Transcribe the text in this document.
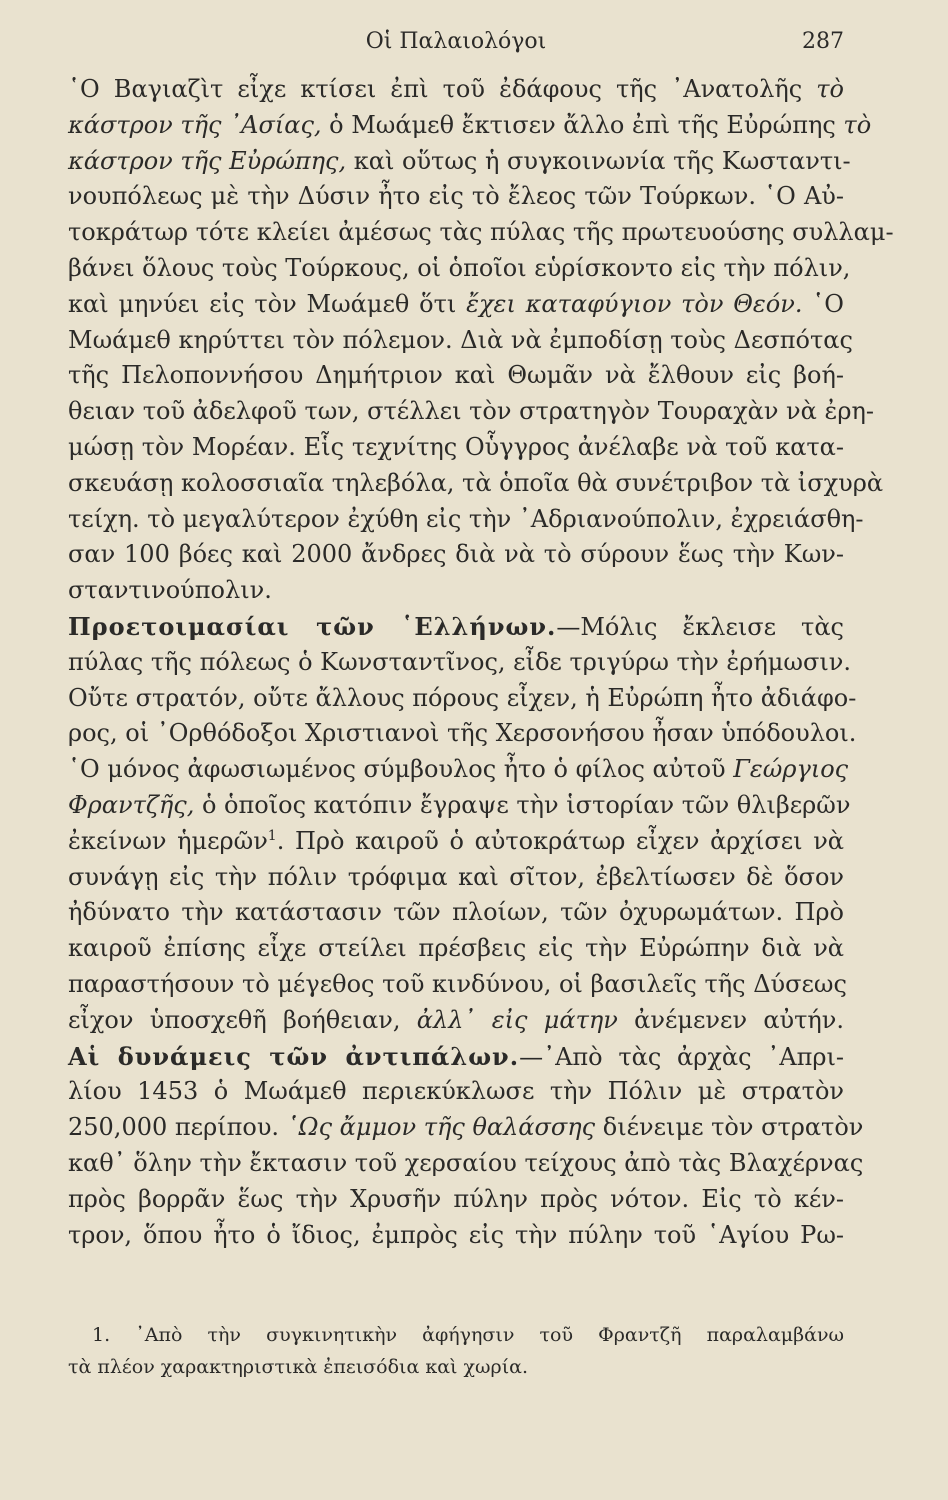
Οἱ Παλαιολόγοι	287
῾Ο Βαγιαζὶτ εἶχε κτίσει ἐπὶ τοῦ ἐδάφους τῆς ᾿Ανατολῆς τὸ
κάστρον τῆς ᾿Ασίας, ὁ Μωάμεθ ἔκτισεν ἄλλο ἐπὶ τῆς Εὐρώπης τὸ
κάστρον τῆς Εὐρώπης, καὶ οὕτως ἡ συγκοινωνία τῆς Κωσταντι-
νουπόλεως μὲ τὴν Δύσιν ἦτο εἰς τὸ ἔλεος τῶν Τούρκων. ῾Ο Αὐ-
τοκράτωρ τότε κλείει ἀμέσως τὰς πύλας τῆς πρωτευούσης συλλαμ-
βάνει ὅλους τοὺς Τούρκους, οἱ ὁποῖοι εὑρίσκοντο εἰς τὴν πόλιν,
καὶ μηνύει εἰς τὸν Μωάμεθ ὅτι ἔχει καταφύγιον τὸν Θεόν. ῾Ο
Μωάμεθ κηρύττει τὸν πόλεμον. Διὰ νὰ ἐμποδίσῃ τοὺς Δεσπότας
τῆς Πελοποννήσου Δημήτριον καὶ Θωμᾶν νὰ ἔλθουν εἰς βοή-
θειαν τοῦ ἀδελφοῦ των, στέλλει τὸν στρατηγὸν Τουραχὰν νὰ ἐρη-
μώσῃ τὸν Μορέαν. Εἷς τεχνίτης Οὗγγρος ἀνέλαβε νὰ τοῦ κατα-
σκευάσῃ κολοσσιαῖα τηλεβόλα, τὰ ὁποῖα θὰ συνέτριβον τὰ ἰσχυρὰ
τείχη. τὸ μεγαλύτερον ἐχύθη εἰς τὴν ᾿Αδριανούπολιν, ἐχρειάσθη-
σαν 100 βόες καὶ 2000 ἄνδρες διὰ νὰ τὸ σύρουν ἕως τὴν Κων-
σταντινούπολιν.
Προετοιμασίαι τῶν ῾Ελλήνων.—Μόλις ἔκλεισε τὰς
πύλας τῆς πόλεως ὁ Κωνσταντῖνος, εἶδε τριγύρω τὴν ἐρήμωσιν.
Οὔτε στρατόν, οὔτε ἄλλους πόρους εἶχεν, ἡ Εὐρώπη ἦτο ἀδιάφο-
ρος, οἱ ᾿Ορθόδοξοι Χριστιανοὶ τῆς Χερσονήσου ἦσαν ὑπόδουλοι.
῾Ο μόνος ἀφωσιωμένος σύμβουλος ἦτο ὁ φίλος αὐτοῦ Γεώργιος
Φραντζῆς, ὁ ὁποῖος κατόπιν ἔγραψε τὴν ἱστορίαν τῶν θλιβερῶν
ἐκείνων ἡμερῶν$^1$. Πρὸ καιροῦ ὁ αὐτοκράτωρ εἶχεν ἀρχίσει νὰ
συνάγῃ εἰς τὴν πόλιν τρόφιμα καὶ σῖτον, ἐβελτίωσεν δὲ ὅσον
ἠδύνατο τὴν κατάστασιν τῶν πλοίων, τῶν ὀχυρωμάτων. Πρὸ
καιροῦ ἐπίσης εἶχε στείλει πρέσβεις εἰς τὴν Εὐρώπην διὰ νὰ
παραστήσουν τὸ μέγεθος τοῦ κινδύνου, οἱ βασιλεῖς τῆς Δύσεως
εἶχον ὑποσχεθῆ βοήθειαν, ἀλλ᾿ εἰς μάτην ἀνέμενεν αὐτήν.
Αἱ δυνάμεις τῶν ἀντιπάλων.—᾿Απὸ τὰς ἀρχὰς ᾿Απρι-
λίου 1453 ὁ Μωάμεθ περιεκύκλωσε τὴν Πόλιν μὲ στρατὸν
250,000 περίπου. ῾Ως ἄμμον τῆς θαλάσσης διένειμε τὸν στρατὸν
καθ᾿ ὅλην τὴν ἔκτασιν τοῦ χερσαίου τείχους ἀπὸ τὰς Βλαχέρνας
πρὸς βορρᾶν ἕως τὴν Χρυσῆν πύλην πρὸς νότον. Εἰς τὸ κέν-
τρον, ὅπου ἦτο ὁ ἴδιος, ἐμπρὸς εἰς τὴν πύλην τοῦ ῾Αγίου Ρω-
1. ᾿Απὸ τὴν συγκινητικὴν ἀφήγησιν τοῦ Φραντζῆ παραλαμβάνω
τὰ πλέον χαρακτηριστικὰ ἐπεισόδια καὶ χωρία.
